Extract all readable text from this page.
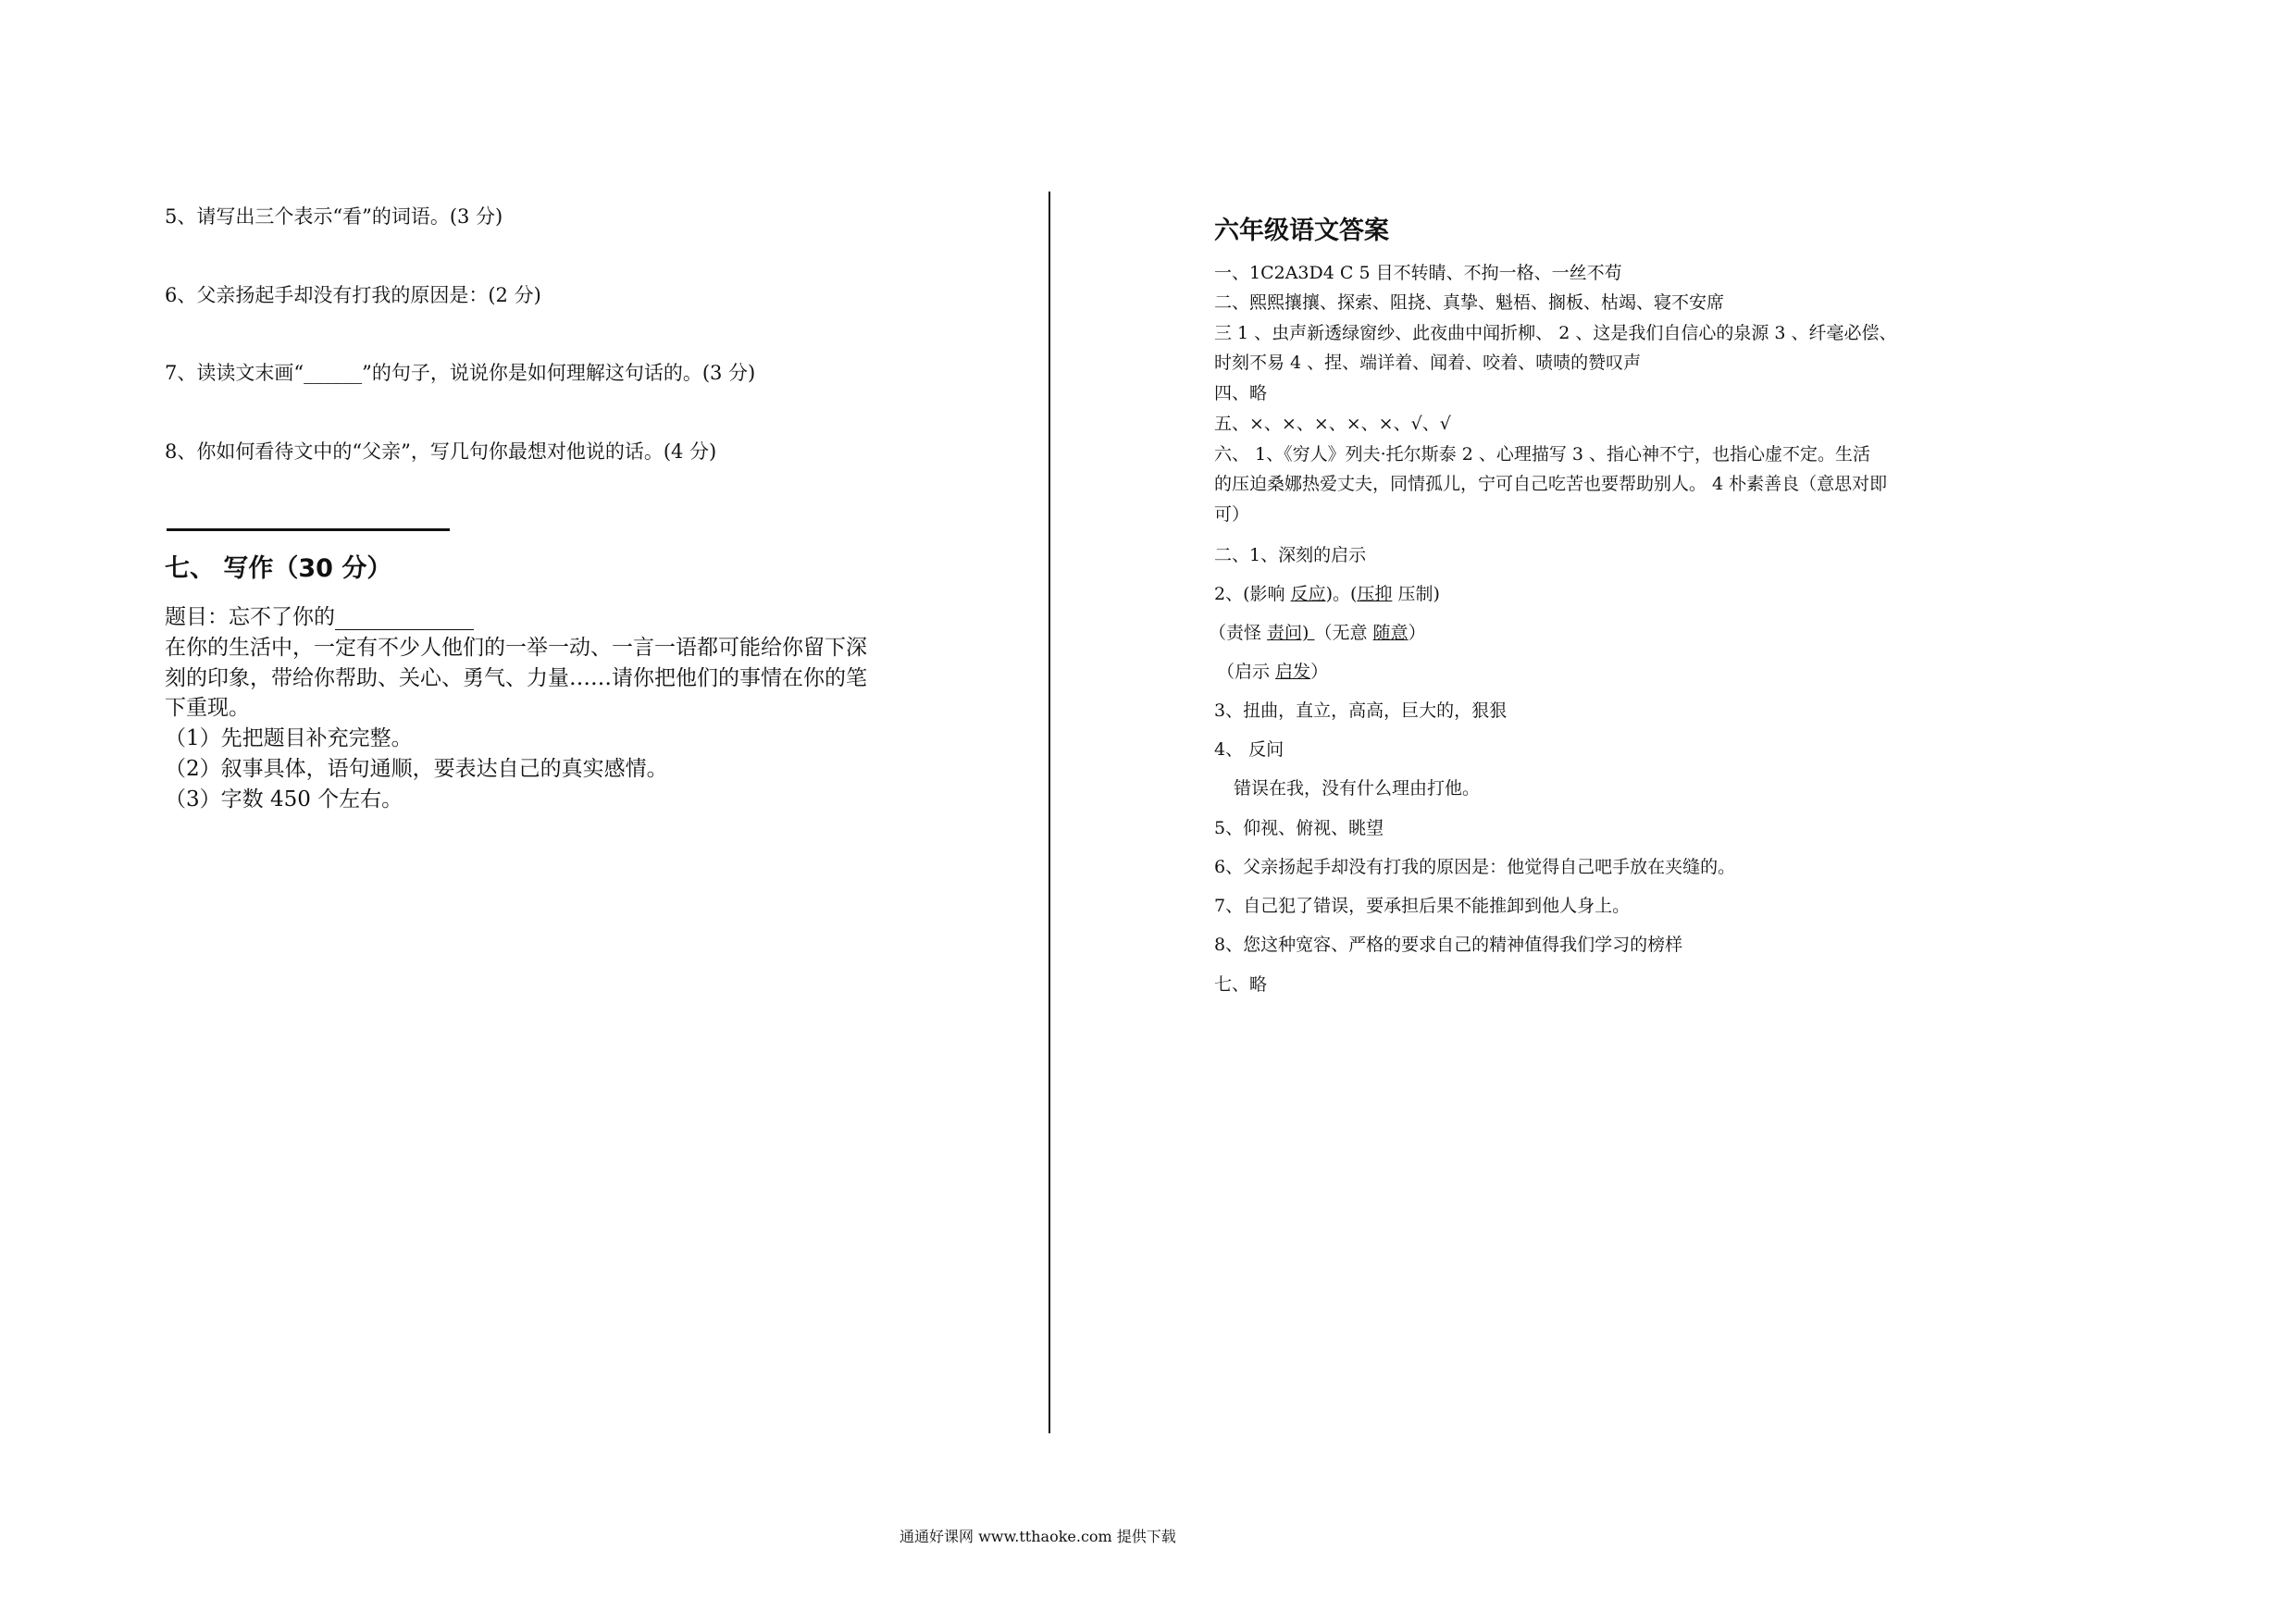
5、请写出三个表示“看”的词语。(3 分)
6、父亲扬起手却没有打我的原因是：(2 分)
7、读读文末画“______”的句子，说说你是如何理解这句话的。(3 分)
8、你如何看待文中的“父亲”，写几句你最想对他说的话。(4 分)
七、 写作（30 分）
题目：忘不了你的
在你的生活中，一定有不少人他们的一举一动、一言一语都可能给你留下深
刻的印象，带给你帮助、关心、勇气、力量……请你把他们的事情在你的笔
下重现。
（1）先把题目补充完整。
（2）叙事具体，语句通顺，要表达自己的真实感情。
（3）字数 450 个左右。
六年级语文答案
一、1C2A3D4 C 5 目不转睛、不拘一格、一丝不苟
二、熙熙攘攘、探索、阻挠、真挚、魁梧、搁板、枯竭、寝不安席
三 1 、虫声新透绿窗纱、此夜曲中闻折柳、 2 、这是我们自信心的泉源 3 、纤毫必偿、
时刻不易 4 、捏、端详着、闻着、咬着、啧啧的赞叹声
四、略
五、×、×、×、×、×、√、√
六、 1、《穷人》列夫·托尔斯泰 2 、心理描写 3 、指心神不宁，也指心虚不定。生活
的压迫桑娜热爱丈夫，同情孤儿，宁可自己吃苦也要帮助别人。 4 朴素善良（意思对即
可）
二、1、深刻的启示
2、(影响 反应)。(压抑 压制)
（责怪 责问) （无意 随意）
（启示 启发）
3、扭曲，直立，高高，巨大的，狠狠
4、 反问
错误在我，没有什么理由打他。
5、仰视、俯视、眺望
6、父亲扬起手却没有打我的原因是：他觉得自己吧手放在夹缝的。
7、自己犯了错误，要承担后果不能推卸到他人身上。
8、您这种宽容、严格的要求自己的精神值得我们学习的榜样
七、略
通通好课网 www.tthaoke.com 提供下载
